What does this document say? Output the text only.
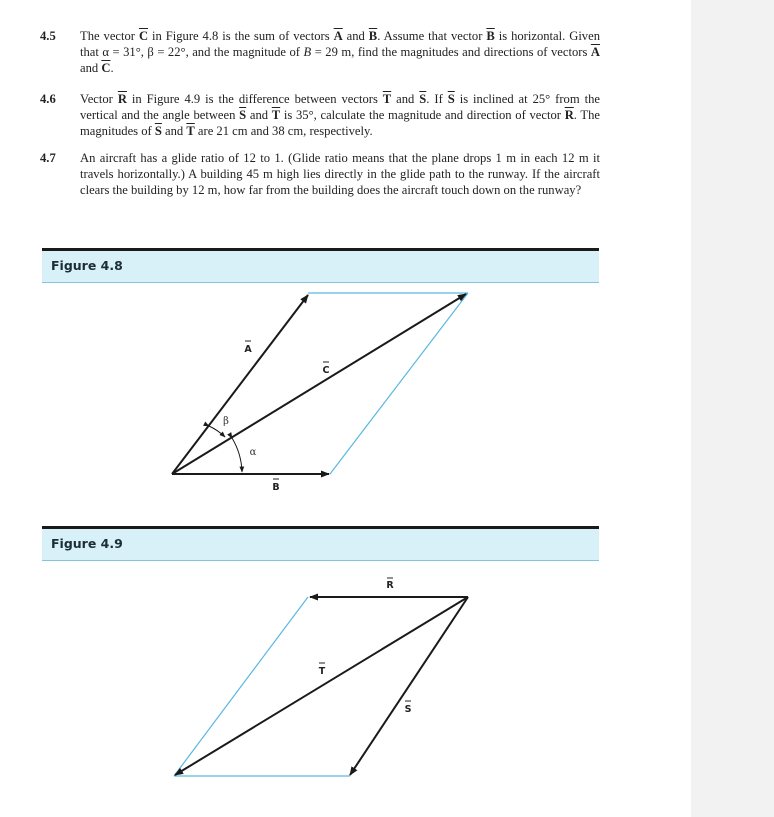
4.5	The vector $\overline{C}$ in Figure 4.8 is the sum of vectors $\overline{A}$ and $\overline{B}$. Assume that vector $\overline{B}$ is horizontal. Given that α = 31°, β = 22°, and the magnitude of B = 29 m, find the magnitudes and directions of vectors $\overline{A}$ and $\overline{C}$.
4.6	Vector $\overline{R}$ in Figure 4.9 is the difference between vectors $\overline{T}$ and $\overline{S}$. If $\overline{S}$ is inclined at 25° from the vertical and the angle between $\overline{S}$ and $\overline{T}$ is 35°, calculate the magnitude and direction of vector $\overline{R}$. The magnitudes of $\overline{S}$ and $\overline{T}$ are 21 cm and 38 cm, respectively.
4.7	An aircraft has a glide ratio of 12 to 1. (Glide ratio means that the plane drops 1 m in each 12 m it travels horizontally.) A building 45 m high lies directly in the glide path to the runway. If the aircraft clears the building by 12 m, how far from the building does the aircraft touch down on the runway?
Figure 4.8
Figure 4.9
A
C
B
β
α
R
T
S
